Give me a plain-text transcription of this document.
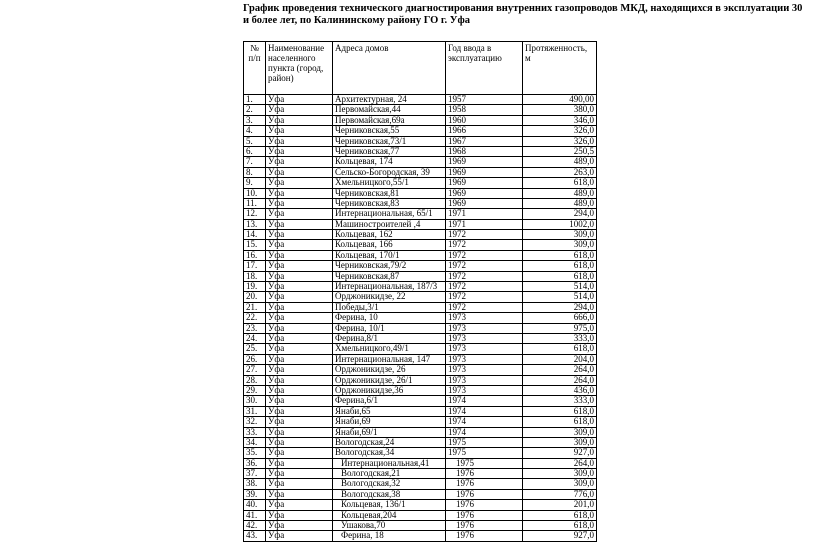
График проведения технического диагностирования внутренних газопроводов МКД, находящихся в эксплуатации 30 и более лет, по Калининскому району ГО г. Уфа
№ п/п	Наименование населенного пункта (город, район)	Адреса домов	Год ввода в эксплуатацию	Протяженность, м
1.	Уфа	Архитектурная, 24	1957	490,00
2.	Уфа	Первомайская,44	1958	380,0
3.	Уфа	Первомайская,69а	1960	346,0
4.	Уфа	Черниковская,55	1966	326,0
5.	Уфа	Черниковская,73/1	1967	326,0
6.	Уфа	Черниковская,77	1968	250,5
7.	Уфа	Кольцевая, 174	1969	489,0
8.	Уфа	Сельско-Богородская, 39	1969	263,0
9.	Уфа	Хмельницкого,55/1	1969	618,0
10.	Уфа	Черниковская,81	1969	489,0
11.	Уфа	Черниковская,83	1969	489,0
12.	Уфа	Интернациональная, 65/1	1971	294,0
13.	Уфа	Машиностроителей ,4	1971	1002,0
14.	Уфа	Кольцевая, 162	1972	309,0
15.	Уфа	Кольцевая, 166	1972	309,0
16.	Уфа	Кольцевая, 170/1	1972	618,0
17.	Уфа	Черниковская,79/2	1972	618,0
18.	Уфа	Черниковская,87	1972	618,0
19.	Уфа	Интернациональная, 187/3	1972	514,0
20.	Уфа	Орджоникидзе, 22	1972	514,0
21.	Уфа	Победы,3/1	1972	294,0
22.	Уфа	Ферина, 10	1973	666,0
23.	Уфа	Ферина, 10/1	1973	975,0
24.	Уфа	Ферина,8/1	1973	333,0
25.	Уфа	Хмельницкого,49/1	1973	618,0
26.	Уфа	Интернациональная, 147	1973	204,0
27.	Уфа	Орджоникидзе, 26	1973	264,0
28.	Уфа	Орджоникидзе, 26/1	1973	264,0
29.	Уфа	Орджоникидзе,36	1973	436,0
30.	Уфа	Ферина,6/1	1974	333,0
31.	Уфа	Янаби,65	1974	618,0
32.	Уфа	Янаби,69	1974	618,0
33.	Уфа	Янаби,69/1	1974	309,0
34.	Уфа	Вологодская,24	1975	309,0
35.	Уфа	Вологодская,34	1975	927,0
36.	Уфа	Интернациональная,41	1975	264,0
37.	Уфа	Вологодская,21	1976	309,0
38.	Уфа	Вологодская,32	1976	309,0
39.	Уфа	Вологодская,38	1976	776,0
40.	Уфа	Кольцевая, 136/1	1976	201,0
41.	Уфа	Кольцевая,204	1976	618,0
42.	Уфа	Ушакова,70	1976	618,0
43.	Уфа	Ферина, 18	1976	927,0
